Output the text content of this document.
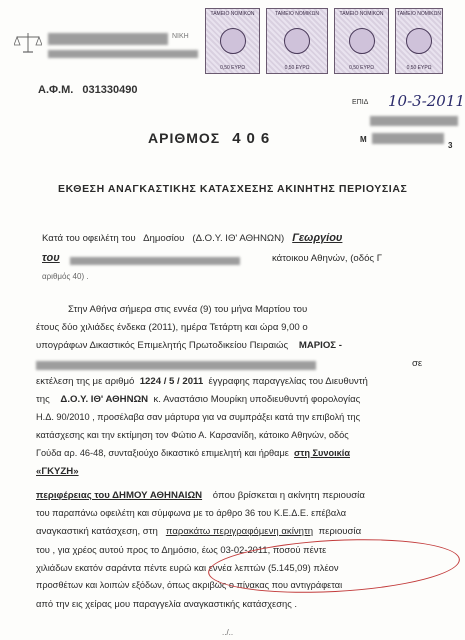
ΝΙΚΗ
ΤΑΜΕΙΟ ΝΟΜΙΚΩΝ
0,50 ΕΥΡΩ
ΤΑΜΕΙΟ ΝΟΜΙΚΩΝ
0,50 ΕΥΡΩ
ΤΑΜΕΙΟ ΝΟΜΙΚΩΝ
0,50 ΕΥΡΩ
ΤΑΜΕΙΟ ΝΟΜΙΚΩΝ
0,50 ΕΥΡΩ
Α.Φ.Μ. 031330490
ΕΠΙΔ 10-3-2011
Μ
3
ΑΡΙΘΜΟΣ 406
ΕΚΘΕΣΗ ΑΝΑΓΚΑΣΤΙΚΗΣ ΚΑΤΑΣΧΕΣΗΣ ΑΚΙΝΗΤΗΣ ΠΕΡΙΟΥΣΙΑΣ
Κατά του οφειλέτη του Δημοσίου (Δ.Ο.Υ. ΙΘ' ΑΘΗΝΩΝ) Γεωργίου
του	κάτοικου Αθηνών, (οδός Γ
αριθμός 40) .
Στην Αθήνα σήμερα στις εννέα (9) του μήνα Μαρτίου του
έτους δύο χιλιάδες ένδεκα (2011), ημέρα Τετάρτη και ώρα 9,00 ο
υπογράφων Δικαστικός Επιμελητής Πρωτοδικείου Πειραιώς ΜΑΡΙΟΣ -
σε
εκτέλεση της με αριθμό 1224 / 5 / 2011 έγγραφης παραγγελίας του Διευθυντή
της Δ.Ο.Υ. ΙΘ' ΑΘΗΝΩΝ κ. Αναστάσιο Μουρίκη υποδιευθυντή φορολογίας
Η.Δ. 90/2010 , προσέλαβα σαν μάρτυρα για να συμπράξει κατά την επιβολή της
κατάσχεσης και την εκτίμηση τον Φώτιο Α. Καρσανίδη, κάτοικο Αθηνών, οδός
Γούδα αρ. 46-48, συνταξιούχο δικαστικό επιμελητή και ήρθαμε στη Συνοικία
«ΓΚΥΖΗ»
περιφέρειας του ΔΗΜΟΥ ΑΘΗΝΑΙΩΝ όπου βρίσκεται η ακίνητη περιουσία
του παραπάνω οφειλέτη και σύμφωνα με το άρθρο 36 του Κ.Ε.Δ.Ε. επέβαλα
αναγκαστική κατάσχεση, στη παρακάτω περιγραφόμενη ακίνητη περιουσία
του , για χρέος αυτού προς το Δημόσιο, έως 03-02-2011, ποσού πέντε
χιλιάδων εκατόν σαράντα πέντε ευρώ και εννέα λεπτών (5.145,09) πλέον
προσθέτων και λοιπών εξόδων, όπως ακριβώς ο πίνακας που αντιγράφεται
από την εις χείρας μου παραγγελία αναγκαστικής κατάσχεσης .
../..
